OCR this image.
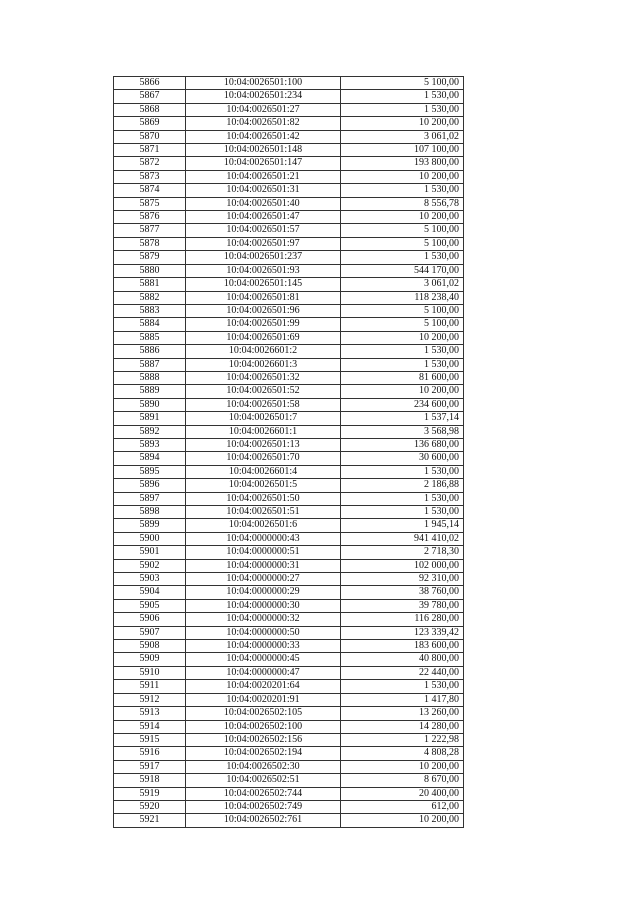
5866	10:04:0026501:100	5 100,00
5867	10:04:0026501:234	1 530,00
5868	10:04:0026501:27	1 530,00
5869	10:04:0026501:82	10 200,00
5870	10:04:0026501:42	3 061,02
5871	10:04:0026501:148	107 100,00
5872	10:04:0026501:147	193 800,00
5873	10:04:0026501:21	10 200,00
5874	10:04:0026501:31	1 530,00
5875	10:04:0026501:40	8 556,78
5876	10:04:0026501:47	10 200,00
5877	10:04:0026501:57	5 100,00
5878	10:04:0026501:97	5 100,00
5879	10:04:0026501:237	1 530,00
5880	10:04:0026501:93	544 170,00
5881	10:04:0026501:145	3 061,02
5882	10:04:0026501:81	118 238,40
5883	10:04:0026501:96	5 100,00
5884	10:04:0026501:99	5 100,00
5885	10:04:0026501:69	10 200,00
5886	10:04:0026601:2	1 530,00
5887	10:04:0026601:3	1 530,00
5888	10:04:0026501:32	81 600,00
5889	10:04:0026501:52	10 200,00
5890	10:04:0026501:58	234 600,00
5891	10:04:0026501:7	1 537,14
5892	10:04:0026601:1	3 568,98
5893	10:04:0026501:13	136 680,00
5894	10:04:0026501:70	30 600,00
5895	10:04:0026601:4	1 530,00
5896	10:04:0026501:5	2 186,88
5897	10:04:0026501:50	1 530,00
5898	10:04:0026501:51	1 530,00
5899	10:04:0026501:6	1 945,14
5900	10:04:0000000:43	941 410,02
5901	10:04:0000000:51	2 718,30
5902	10:04:0000000:31	102 000,00
5903	10:04:0000000:27	92 310,00
5904	10:04:0000000:29	38 760,00
5905	10:04:0000000:30	39 780,00
5906	10:04:0000000:32	116 280,00
5907	10:04:0000000:50	123 339,42
5908	10:04:0000000:33	183 600,00
5909	10:04:0000000:45	40 800,00
5910	10:04:0000000:47	22 440,00
5911	10:04:0020201:64	1 530,00
5912	10:04:0020201:91	1 417,80
5913	10:04:0026502:105	13 260,00
5914	10:04:0026502:100	14 280,00
5915	10:04:0026502:156	1 222,98
5916	10:04:0026502:194	4 808,28
5917	10:04:0026502:30	10 200,00
5918	10:04:0026502:51	8 670,00
5919	10:04:0026502:744	20 400,00
5920	10:04:0026502:749	612,00
5921	10:04:0026502:761	10 200,00
